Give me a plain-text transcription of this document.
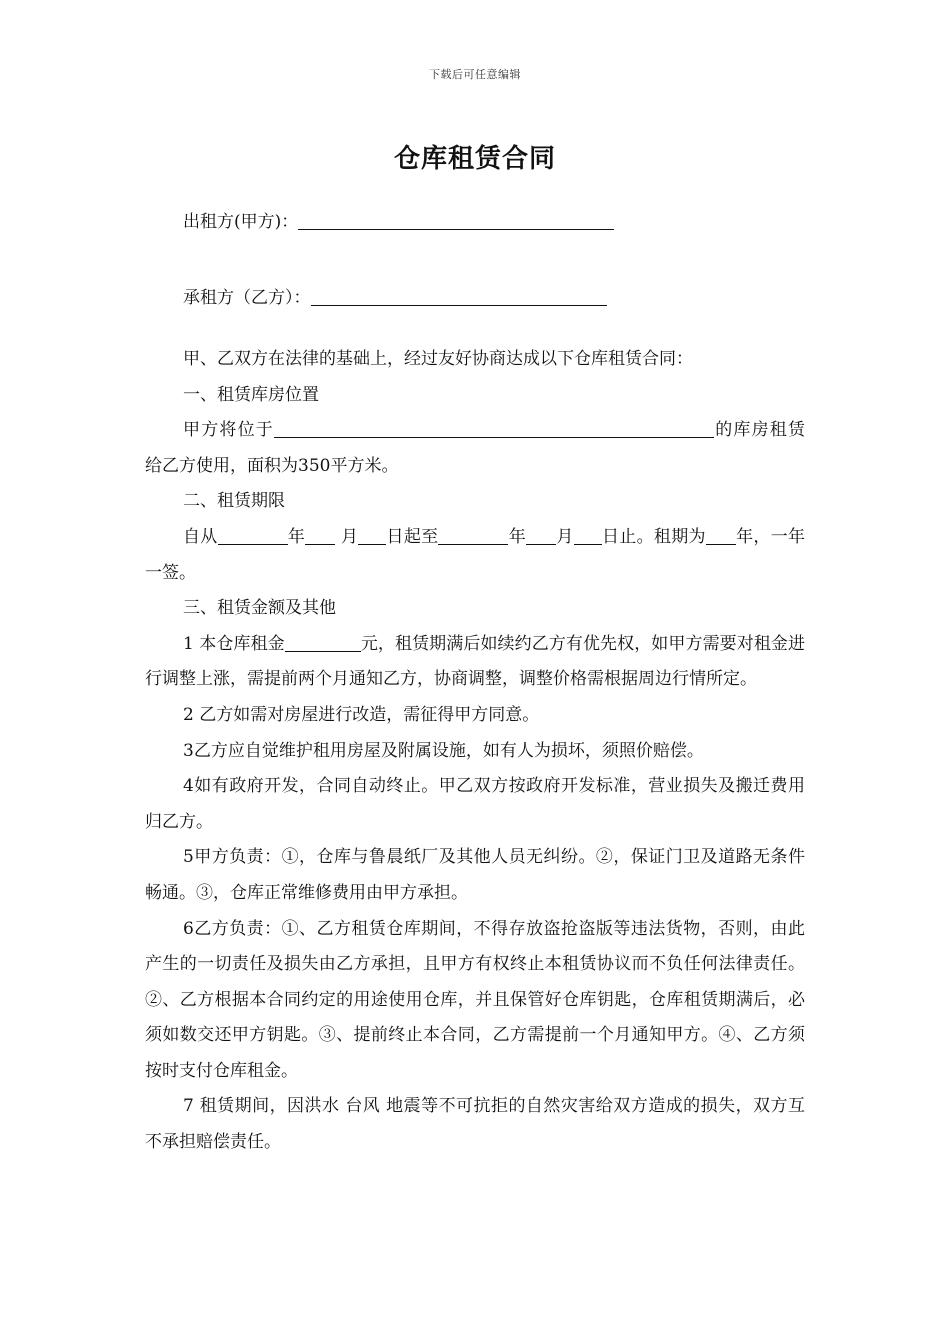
下载后可任意编辑
仓库租赁合同
出租方(甲方)：
承租方（乙方）：

甲、乙双方在法律的基础上，经过友好协商达成以下仓库租赁合同：

一、租赁库房位置

甲方将位于	的库房租赁给乙方使用，面积为350平方米。

二、租赁期限

自从	年 月 日起至	年 月 日止。租期为 年，一年一签。

三、租赁金额及其他

1 本仓库租金	元，租赁期满后如续约乙方有优先权，如甲方需要对租金进行调整上涨，需提前两个月通知乙方，协商调整，调整价格需根据周边行情所定。

2 乙方如需对房屋进行改造，需征得甲方同意。

3乙方应自觉维护租用房屋及附属设施，如有人为损坏，须照价赔偿。

4如有政府开发，合同自动终止。甲乙双方按政府开发标准，营业损失及搬迁费用归乙方。

5甲方负责：①，仓库与鲁晨纸厂及其他人员无纠纷。②，保证门卫及道路无条件畅通。③，仓库正常维修费用由甲方承担。

6乙方负责：①、乙方租赁仓库期间，不得存放盗抢盗版等违法货物，否则，由此产生的一切责任及损失由乙方承担，且甲方有权终止本租赁协议而不负任何法律责任。 ②、乙方根据本合同约定的用途使用仓库，并且保管好仓库钥匙，仓库租赁期满后，必须如数交还甲方钥匙。③、提前终止本合同，乙方需提前一个月通知甲方。④、乙方须按时支付仓库租金。

7 租赁期间，因洪水 台风 地震等不可抗拒的自然灾害给双方造成的损失，双方互不承担赔偿责任。
